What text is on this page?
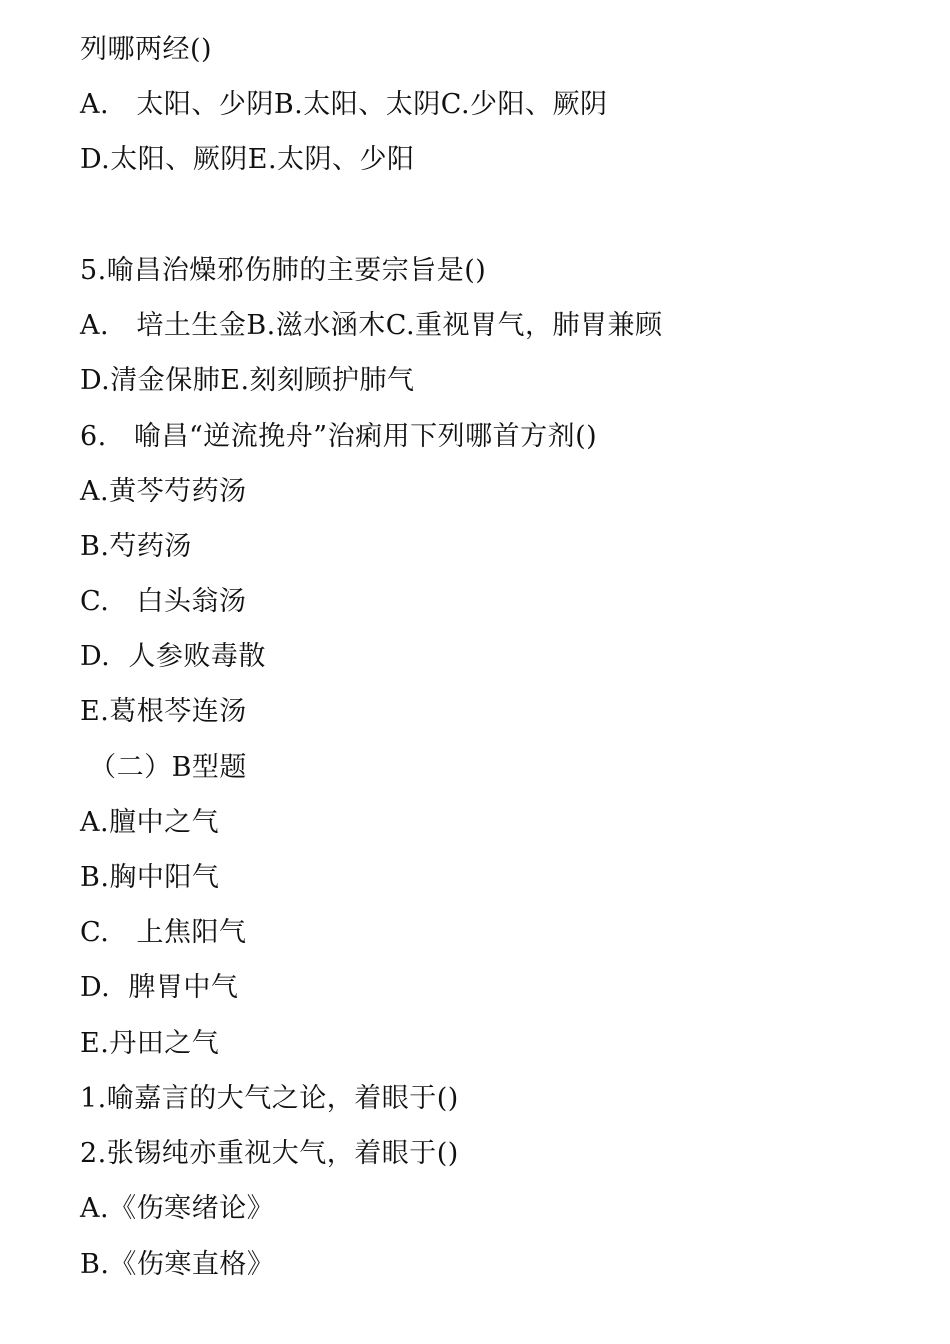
列哪两经()
A.   太阳、少阴B.太阳、太阴C.少阳、厥阴
D.太阳、厥阴E.太阴、少阳
5.喻昌治燥邪伤肺的主要宗旨是()
A.   培土生金B.滋水涵木C.重视胃气，肺胃兼顾
D.清金保肺E.刻刻顾护肺气
6.   喻昌“逆流挽舟”治痢用下列哪首方剂()
A.黄芩芍药汤
B.芍药汤
C.   白头翁汤
D.  人参败毒散
E.葛根芩连汤
（二）B型题
A.膻中之气
B.胸中阳气
C.   上焦阳气
D.  脾胃中气
E.丹田之气
1.喻嘉言的大气之论，着眼于()
2.张锡纯亦重视大气，着眼于()
A.《伤寒绪论》
B.《伤寒直格》
